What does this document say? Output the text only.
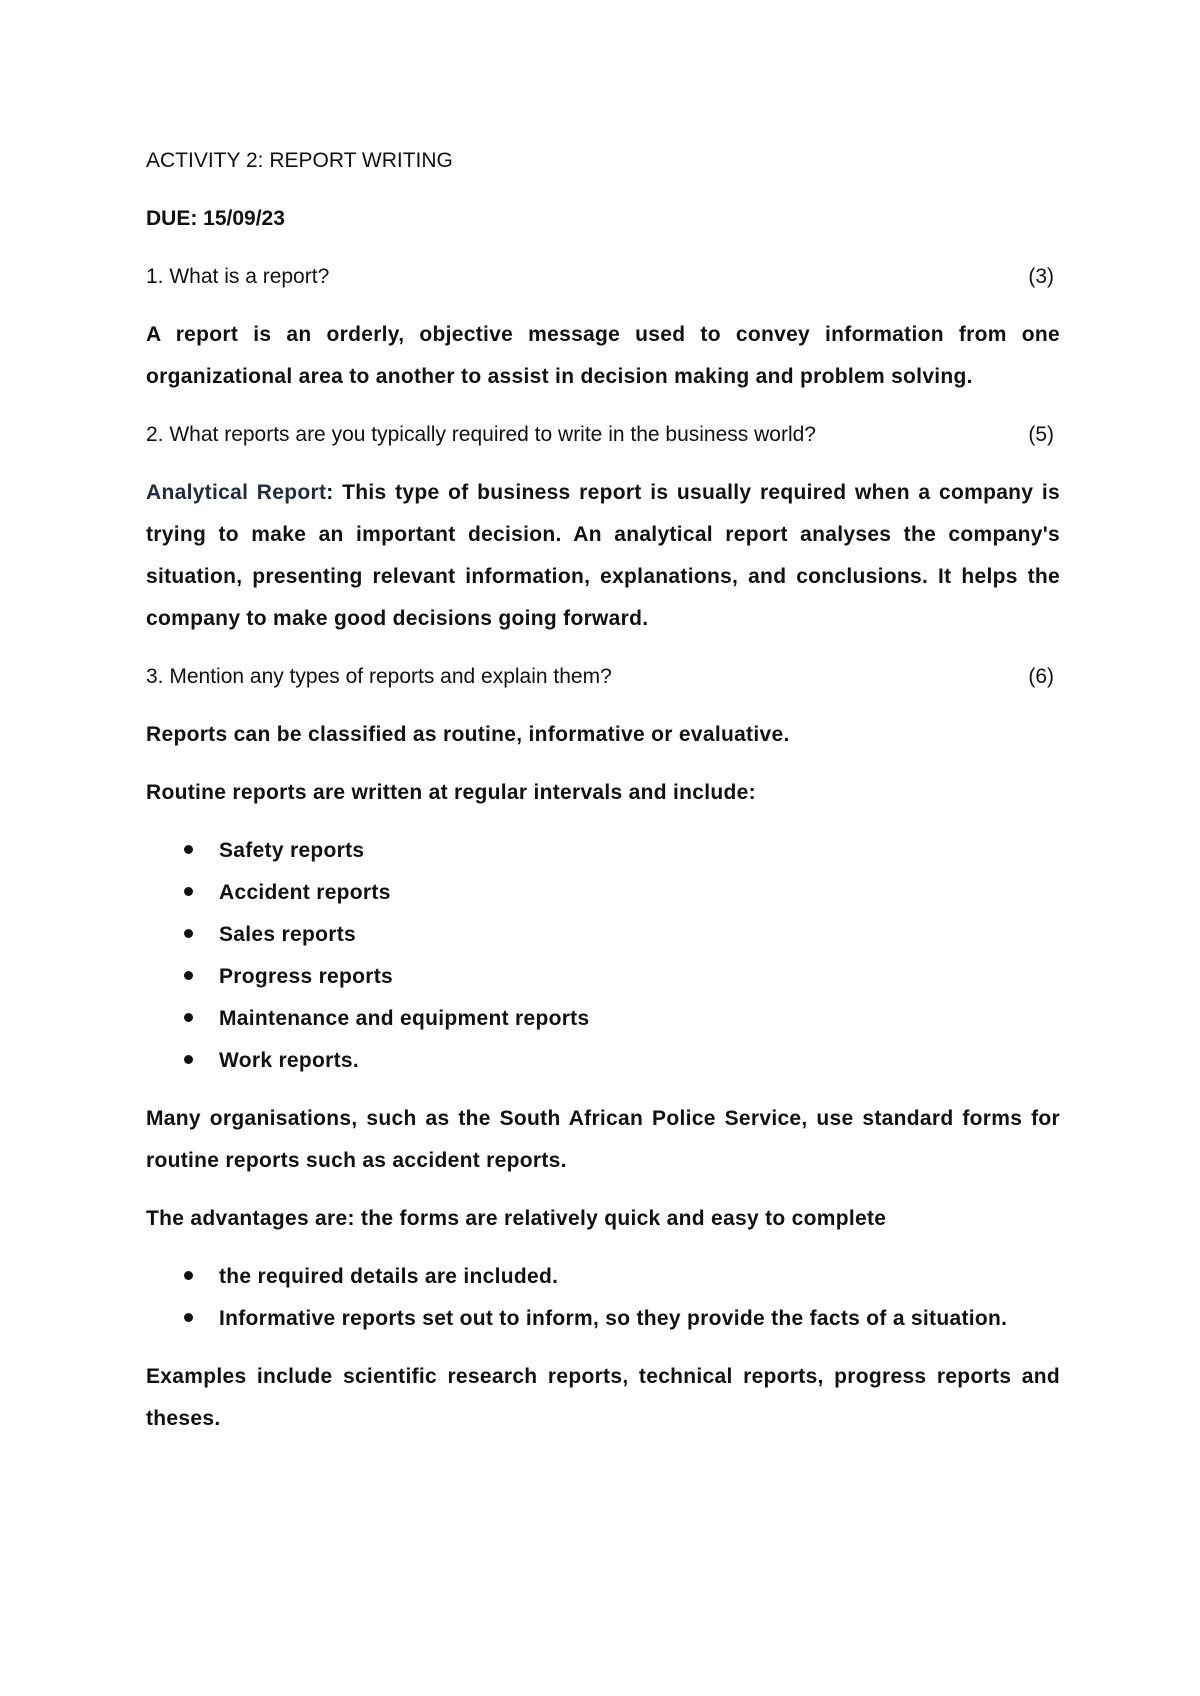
ACTIVITY 2: REPORT WRITING

DUE: 15/09/23

1. What is a report?	(3)

A report is an orderly, objective message used to convey information from one organizational area to another to assist in decision making and problem solving.

2. What reports are you typically required to write in the business world?	(5)

Analytical Report: This type of business report is usually required when a company is trying to make an important decision. An analytical report analyses the company's situation, presenting relevant information, explanations, and conclusions. It helps the company to make good decisions going forward.

3. Mention any types of reports and explain them?	(6)

Reports can be classified as routine, informative or evaluative.

Routine reports are written at regular intervals and include:

Safety reports
Accident reports
Sales reports
Progress reports
Maintenance and equipment reports
Work reports.

Many organisations, such as the South African Police Service, use standard forms for routine reports such as accident reports.

The advantages are: the forms are relatively quick and easy to complete

the required details are included.
Informative reports set out to inform, so they provide the facts of a situation.

Examples include scientific research reports, technical reports, progress reports and theses.
